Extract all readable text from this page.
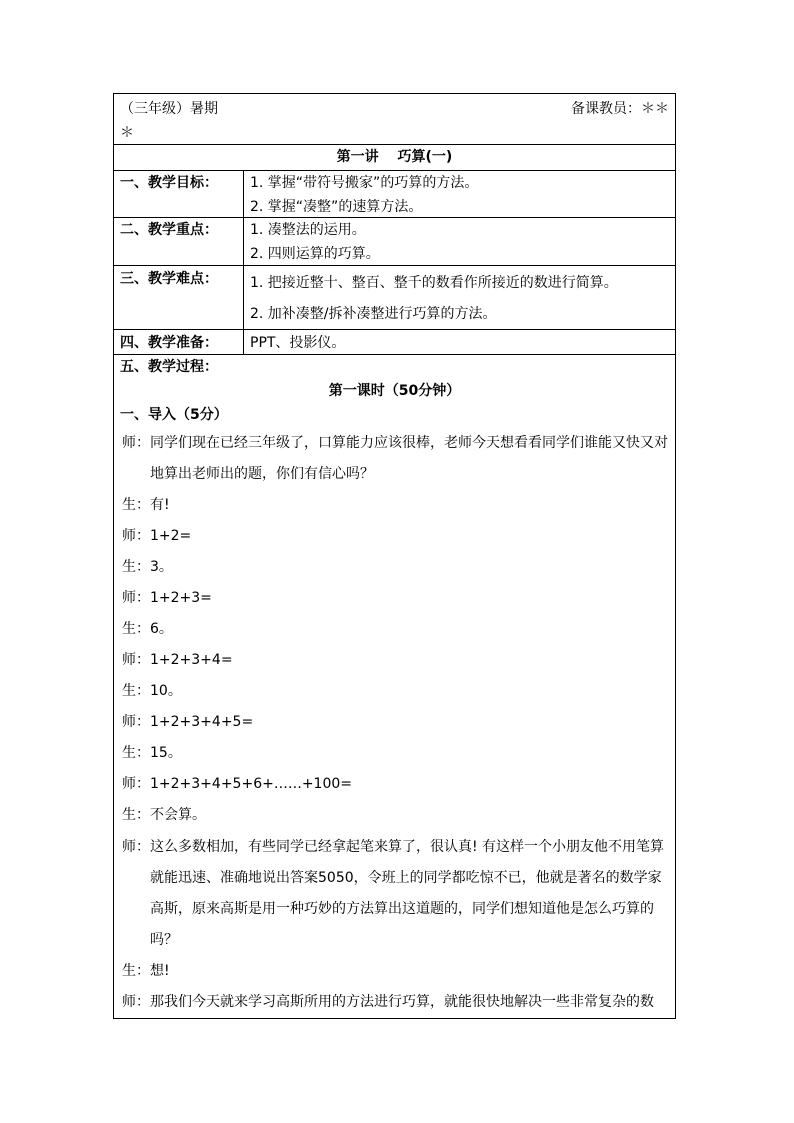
（三年级）暑期	备课教员：＊＊
＊
第一讲　 巧算(一)
一、教学目标： 1. 掌握“带符号搬家”的巧算的方法。
2. 掌握“凑整”的速算方法。
二、教学重点： 1. 凑整法的运用。
2. 四则运算的巧算。
三、教学难点： 1. 把接近整十、整百、整千的数看作所接近的数进行简算。
2. 加补凑整/拆补凑整进行巧算的方法。
四、教学准备： PPT、投影仪。
五、教学过程：
第一课时（50分钟）
一、导入（5分）
师： 同学们现在已经三年级了，口算能力应该很棒，老师今天想看看同学们谁能又快又对地算出老师出的题，你们有信心吗？
生： 有!
师： 1+2=
生： 3。
师： 1+2+3=
生： 6。
师： 1+2+3+4=
生： 10。
师： 1+2+3+4+5=
生： 15。
师： 1+2+3+4+5+6+……+100=
生： 不会算。
师： 这么多数相加，有些同学已经拿起笔来算了，很认真! 有这样一个小朋友他不用笔算就能迅速、准确地说出答案5050，令班上的同学都吃惊不已，他就是著名的数学家高斯，原来高斯是用一种巧妙的方法算出这道题的，同学们想知道他是怎么巧算的吗？
生： 想!
师： 那我们今天就来学习高斯所用的方法进行巧算，就能很快地解决一些非常复杂的数
